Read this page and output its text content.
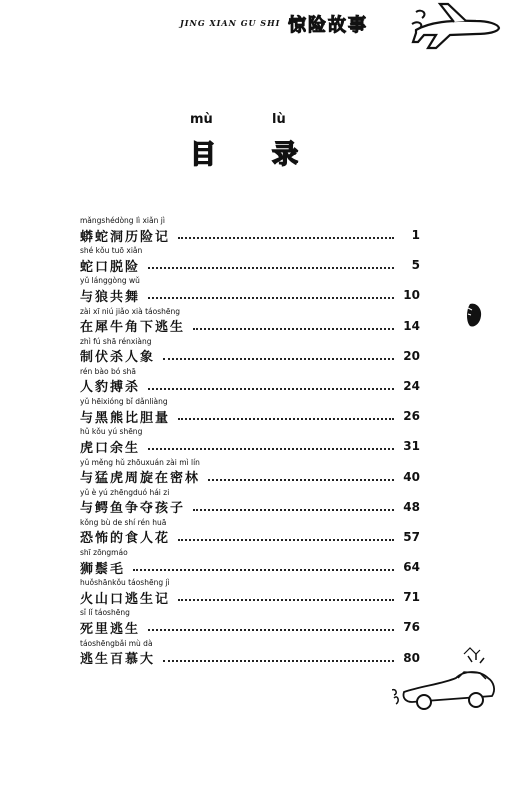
JING XIAN GU SHI 惊险故事
mù	lù
目 录
mǎngshédòng lì xiǎn jì
蟒蛇洞历险记	1
shé kǒu tuō xiǎn
蛇口脱险	5
yǔ lánggòng wǔ
与狼共舞	10
zài xī niú jiǎo xià táoshēng
在犀牛角下逃生	14
zhì fú shā rénxiàng
制伏杀人象	20
rén bào bó shā
人豹搏杀	24
yǔ hēixióng bǐ dǎnliàng
与黑熊比胆量	26
hǔ kǒu yú shēng
虎口余生	31
yǔ měng hǔ zhōuxuán zài mì lín
与猛虎周旋在密林	40
yǔ è yú zhēngduó hái zi
与鳄鱼争夺孩子	48
kǒng bù de shí rén huā
恐怖的食人花	57
shī zōngmáo
狮鬃毛	64
huǒshānkǒu táoshēng jì
火山口逃生记	71
sǐ lǐ táoshēng
死里逃生	76
táoshēngbǎi mù dà
逃生百慕大	80
